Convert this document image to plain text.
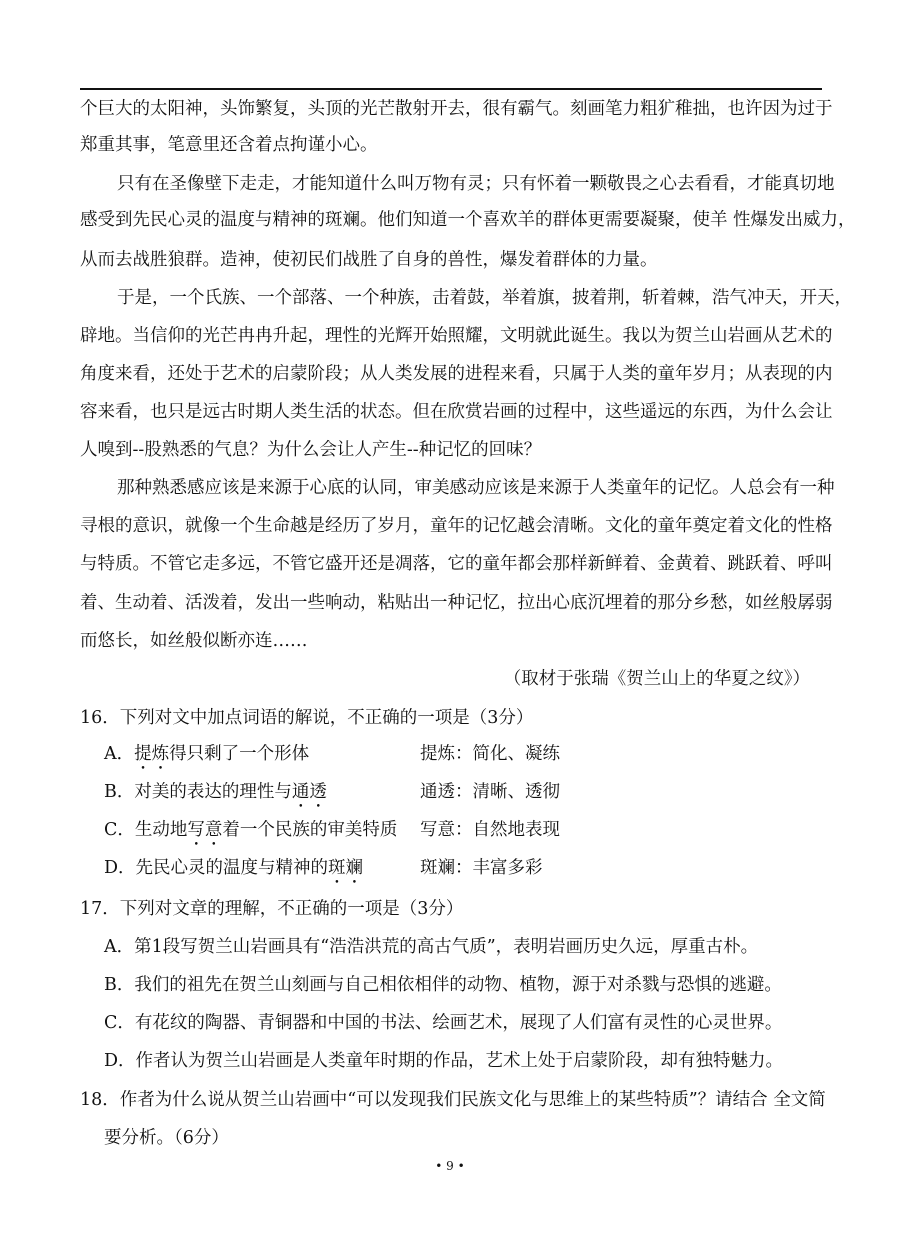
个巨大的太阳神，头饰繁复，头顶的光芒散射开去，很有霸气。刻画笔力粗犷稚拙，也许因为过于
郑重其事，笔意里还含着点拘谨小心。
只有在圣像壁下走走，才能知道什么叫万物有灵；只有怀着一颗敬畏之心去看看，才能真切地
感受到先民心灵的温度与精神的斑斓。他们知道一个喜欢羊的群体更需要凝聚，使羊 性爆发出威力，
从而去战胜狼群。造神，使初民们战胜了自身的兽性，爆发着群体的力量。
于是，一个氏族、一个部落、一个种族，击着鼓，举着旗，披着荆，斩着棘，浩气冲天，开天，
辟地。当信仰的光芒冉冉升起，理性的光辉开始照耀，文明就此诞生。我以为贺兰山岩画从艺术的
角度来看，还处于艺术的启蒙阶段；从人类发展的进程来看，只属于人类的童年岁月；从表现的内
容来看，也只是远古时期人类生活的状态。但在欣赏岩画的过程中，这些遥远的东西，为什么会让
人嗅到--股熟悉的气息？为什么会让人产生--种记忆的回味？
那种熟悉感应该是来源于心底的认同，审美感动应该是来源于人类童年的记忆。人总会有一种
寻根的意识，就像一个生命越是经历了岁月，童年的记忆越会清晰。文化的童年奠定着文化的性格
与特质。不管它走多远，不管它盛开还是凋落，它的童年都会那样新鲜着、金黄着、跳跃着、呼叫
着、生动着、活泼着，发出一些响动，粘贴出一种记忆，拉出心底沉埋着的那分乡愁，如丝般孱弱
而悠长，如丝般似断亦连……
（取材于张瑞《贺兰山上的华夏之纹》）
16．下列对文中加点词语的解说，不正确的一项是（3分）
A．提炼得只剩了一个形体	提炼：简化、凝练
B．对美的表达的理性与通透	通透：清晰、透彻
C．生动地写意着一个民族的审美特质 写意：自然地表现
D．先民心灵的温度与精神的斑斓	斑斓：丰富多彩
17．下列对文章的理解，不正确的一项是（3分）
A．第1段写贺兰山岩画具有“浩浩洪荒的高古气质”，表明岩画历史久远，厚重古朴。
B．我们的祖先在贺兰山刻画与自己相依相伴的动物、植物，源于对杀戮与恐惧的逃避。
C．有花纹的陶器、青铜器和中国的书法、绘画艺术，展现了人们富有灵性的心灵世界。
D．作者认为贺兰山岩画是人类童年时期的作品，艺术上处于启蒙阶段，却有独特魅力。
18．作者为什么说从贺兰山岩画中“可以发现我们民族文化与思维上的某些特质”？请结合 全文简
要分析。（6分）
• 9 •
